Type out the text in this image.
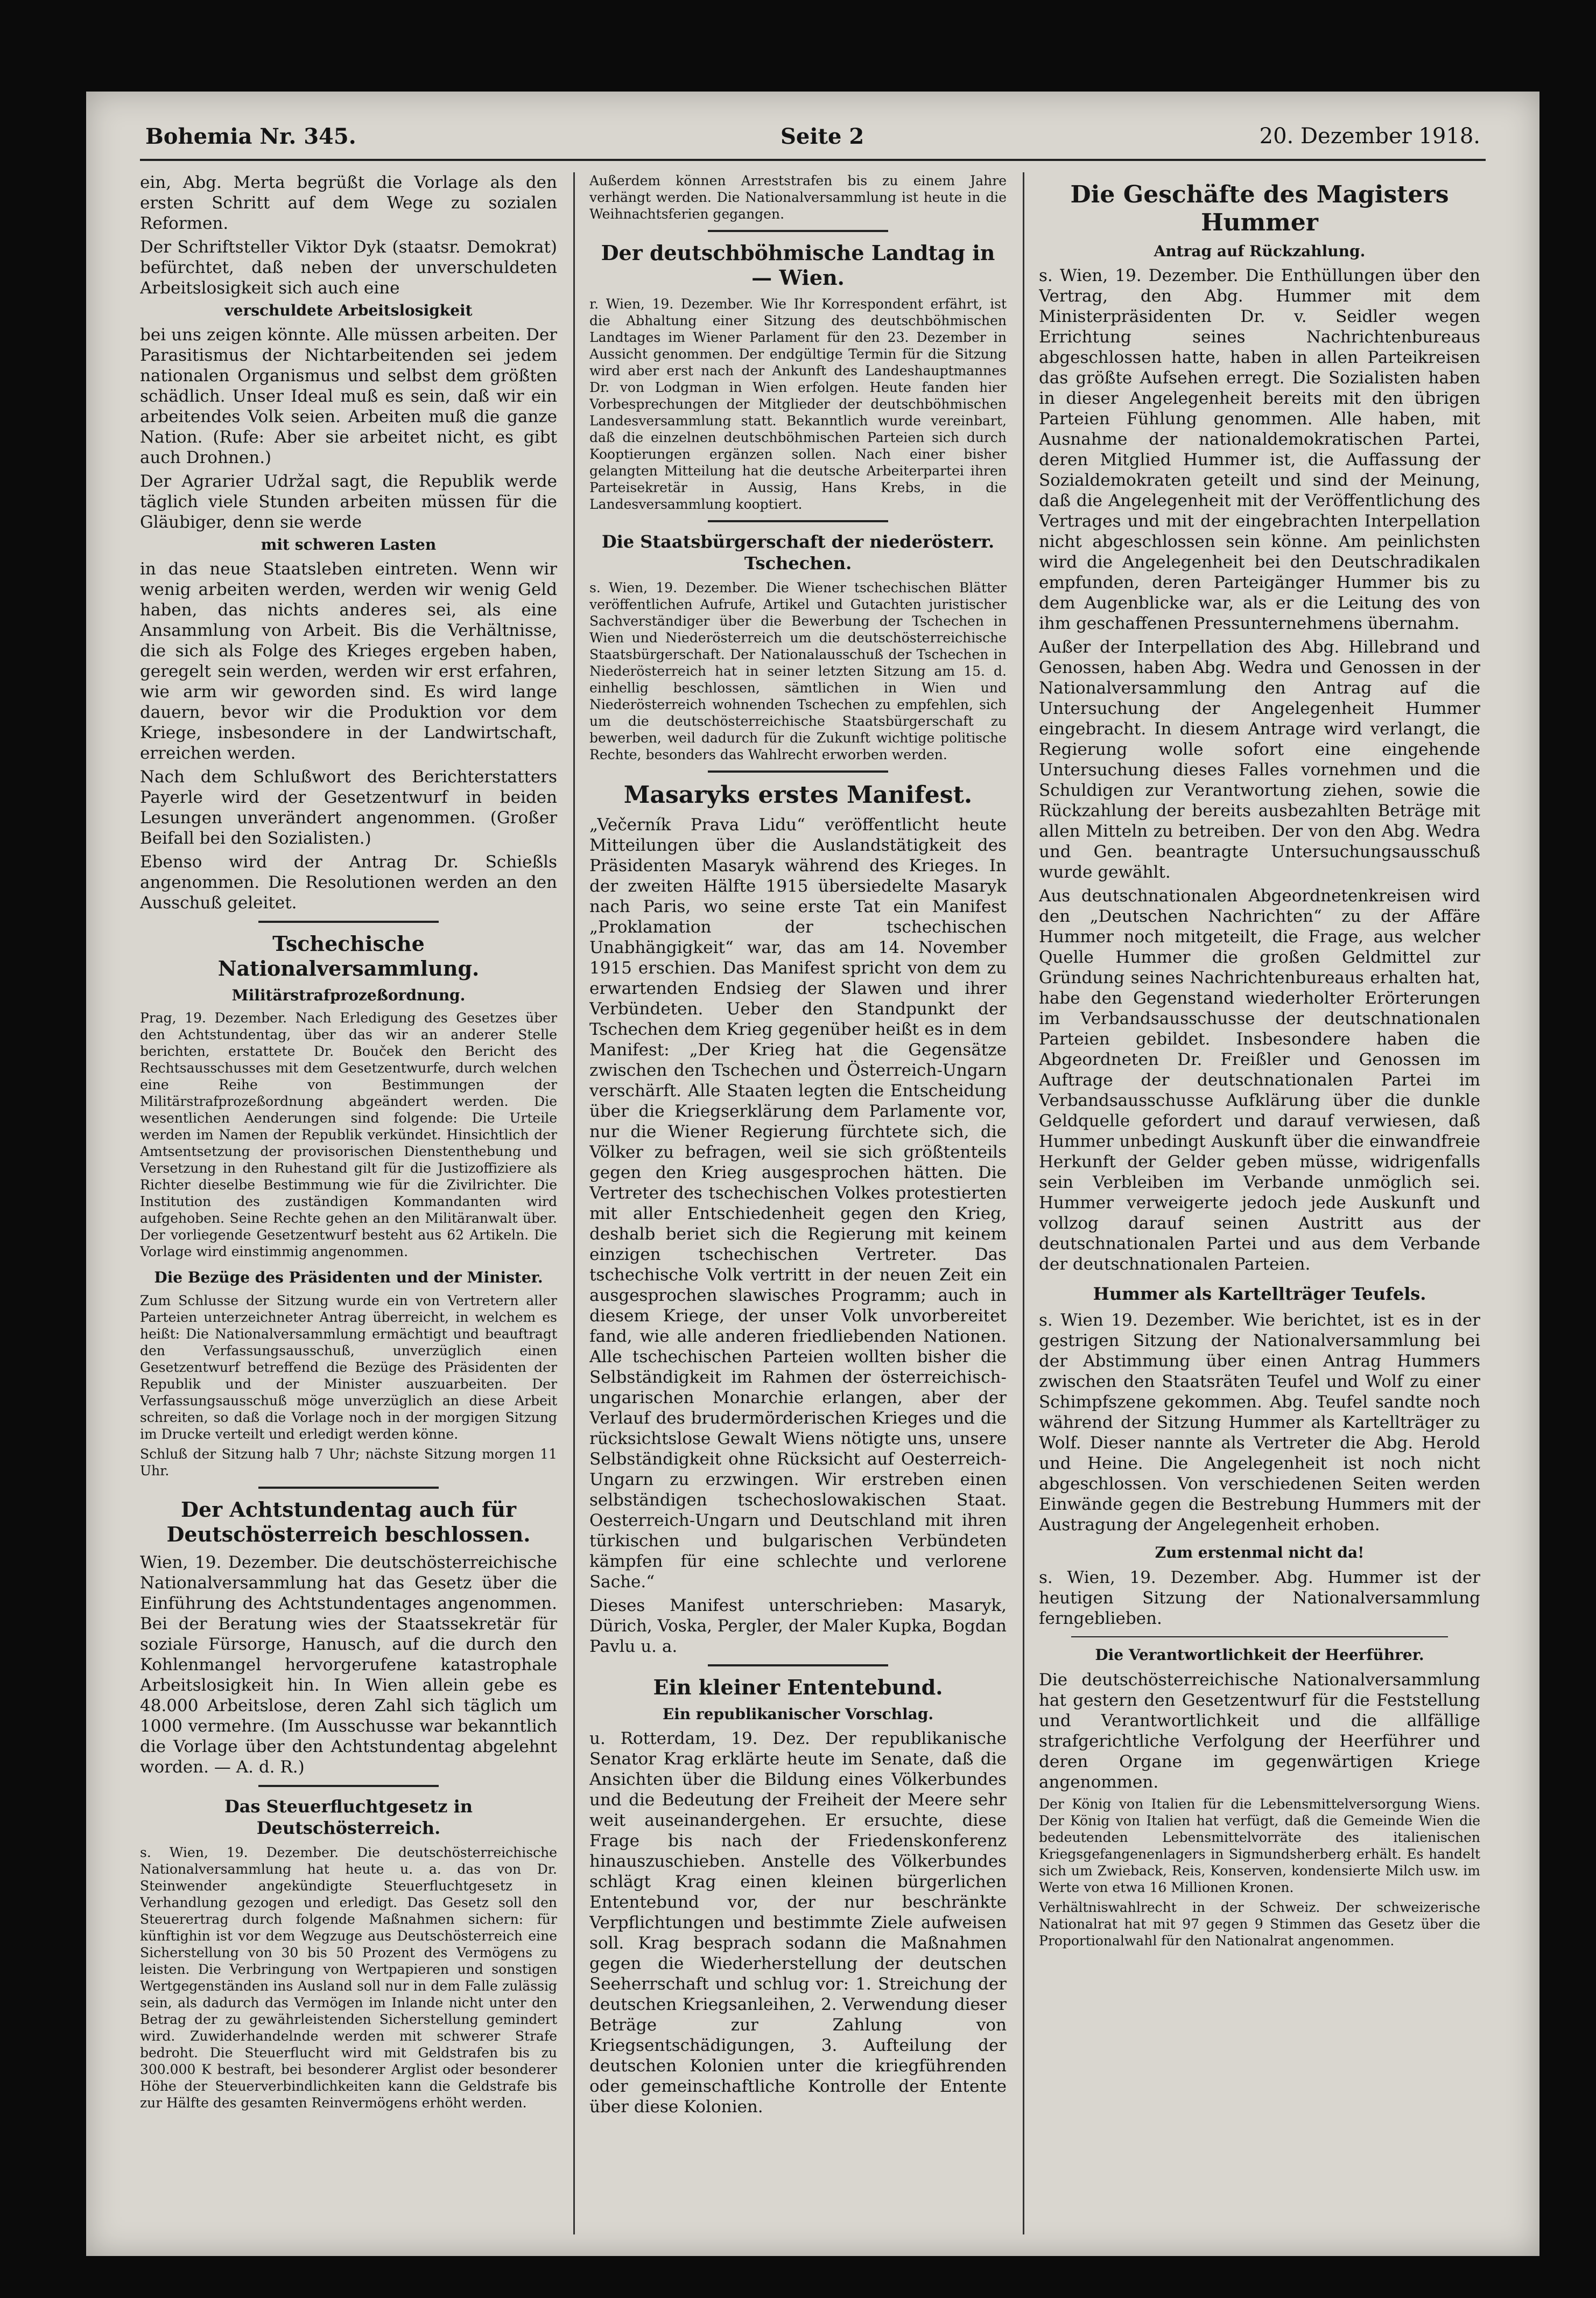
Bohemia Nr. 345.	Seite 2	20. Dezember 1918.

ein, Abg. Merta begrüßt die Vorlage als den ersten Schritt auf dem Wege zu sozialen Reformen.

Der Schriftsteller Viktor Dyk (staatsr. Demokrat) befürchtet, daß neben der unverschuldeten Arbeitslosigkeit sich auch eine

verschuldete Arbeitslosigkeit

bei uns zeigen könnte. Alle müssen arbeiten. Der Parasitismus der Nichtarbeitenden sei jedem nationalen Organismus und selbst dem größten schädlich. Unser Ideal muß es sein, daß wir ein arbeitendes Volk seien. Arbeiten muß die ganze Nation. (Rufe: Aber sie arbeitet nicht, es gibt auch Drohnen.)

Der Agrarier Udržal sagt, die Republik werde täglich viele Stunden arbeiten müssen für die Gläubiger, denn sie werde

mit schweren Lasten

in das neue Staatsleben eintreten. Wenn wir wenig arbeiten werden, werden wir wenig Geld haben, das nichts anderes sei, als eine Ansammlung von Arbeit. Bis die Verhältnisse, die sich als Folge des Krieges ergeben haben, geregelt sein werden, werden wir erst erfahren, wie arm wir geworden sind. Es wird lange dauern, bevor wir die Produktion vor dem Kriege, insbesondere in der Landwirtschaft, erreichen werden.

Nach dem Schlußwort des Berichterstatters Payerle wird der Gesetzentwurf in beiden Lesungen unverändert angenommen. (Großer Beifall bei den Sozialisten.)

Ebenso wird der Antrag Dr. Schießls angenommen. Die Resolutionen werden an den Ausschuß geleitet.

Tschechische Nationalversammlung.
Militärstrafprozeßordnung.

Prag, 19. Dezember. Nach Erledigung des Gesetzes über den Achtstundentag, über das wir an anderer Stelle berichten, erstattete Dr. Bouček den Bericht des Rechtsausschusses mit dem Gesetzentwurfe, durch welchen eine Reihe von Bestimmungen der Militärstrafprozeßordnung abgeändert werden. Die wesentlichen Aenderungen sind folgende: Die Urteile werden im Namen der Republik verkündet. Hinsichtlich der Amtsentsetzung der provisorischen Dienstenthebung und Versetzung in den Ruhestand gilt für die Justizoffiziere als Richter dieselbe Bestimmung wie für die Zivilrichter. Die Institution des zuständigen Kommandanten wird aufgehoben. Seine Rechte gehen an den Militäranwalt über. Der vorliegende Gesetzentwurf besteht aus 62 Artikeln. Die Vorlage wird einstimmig angenommen.

Die Bezüge des Präsidenten und der Minister.

Zum Schlusse der Sitzung wurde ein von Vertretern aller Parteien unterzeichneter Antrag überreicht, in welchem es heißt: Die Nationalversammlung ermächtigt und beauftragt den Verfassungsausschuß, unverzüglich einen Gesetzentwurf betreffend die Bezüge des Präsidenten der Republik und der Minister auszuarbeiten. Der Verfassungsausschuß möge unverzüglich an diese Arbeit schreiten, so daß die Vorlage noch in der morgigen Sitzung im Drucke verteilt und erledigt werden könne.

Schluß der Sitzung halb 7 Uhr; nächste Sitzung morgen 11 Uhr.

Der Achtstundentag auch für Deutschösterreich beschlossen.

Wien, 19. Dezember. Die deutschösterreichische Nationalversammlung hat das Gesetz über die Einführung des Achtstundentages angenommen. Bei der Beratung wies der Staatssekretär für soziale Fürsorge, Hanusch, auf die durch den Kohlenmangel hervorgerufene katastrophale Arbeitslosigkeit hin. In Wien allein gebe es 48.000 Arbeitslose, deren Zahl sich täglich um 1000 vermehre. (Im Ausschusse war bekanntlich die Vorlage über den Achtstundentag abgelehnt worden. — A. d. R.)

Das Steuerfluchtgesetz in Deutschösterreich.

s. Wien, 19. Dezember. Die deutschösterreichische Nationalversammlung hat heute u. a. das von Dr. Steinwender angekündigte Steuerfluchtgesetz in Verhandlung gezogen und erledigt. Das Gesetz soll den Steuerertrag durch folgende Maßnahmen sichern: für künftighin ist vor dem Wegzuge aus Deutschösterreich eine Sicherstellung von 30 bis 50 Prozent des Vermögens zu leisten. Die Verbringung von Wertpapieren und sonstigen Wertgegenständen ins Ausland soll nur in dem Falle zulässig sein, als dadurch das Vermögen im Inlande nicht unter den Betrag der zu gewährleistenden Sicherstellung gemindert wird. Zuwiderhandelnde werden mit schwerer Strafe bedroht. Die Steuerflucht wird mit Geldstrafen bis zu 300.000 K bestraft, bei besonderer Arglist oder besonderer Höhe der Steuerverbindlichkeiten kann die Geldstrafe bis zur Hälfte des gesamten Reinvermögens erhöht werden.

Außerdem können Arreststrafen bis zu einem Jahre verhängt werden. Die Nationalversammlung ist heute in die Weihnachtsferien gegangen.

Der deutschböhmische Landtag in — Wien.

r. Wien, 19. Dezember. Wie Ihr Korrespondent erfährt, ist die Abhaltung einer Sitzung des deutschböhmischen Landtages im Wiener Parlament für den 23. Dezember in Aussicht genommen. Der endgültige Termin für die Sitzung wird aber erst nach der Ankunft des Landeshauptmannes Dr. von Lodgman in Wien erfolgen. Heute fanden hier Vorbesprechungen der Mitglieder der deutschböhmischen Landesversammlung statt. Bekanntlich wurde vereinbart, daß die einzelnen deutschböhmischen Parteien sich durch Kooptierungen ergänzen sollen. Nach einer bisher gelangten Mitteilung hat die deutsche Arbeiterpartei ihren Parteisekretär in Aussig, Hans Krebs, in die Landesversammlung kooptiert.

Die Staatsbürgerschaft der niederösterr. Tschechen.

s. Wien, 19. Dezember. Die Wiener tschechischen Blätter veröffentlichen Aufrufe, Artikel und Gutachten juristischer Sachverständiger über die Bewerbung der Tschechen in Wien und Niederösterreich um die deutschösterreichische Staatsbürgerschaft. Der Nationalausschuß der Tschechen in Niederösterreich hat in seiner letzten Sitzung am 15. d. einhellig beschlossen, sämtlichen in Wien und Niederösterreich wohnenden Tschechen zu empfehlen, sich um die deutschösterreichische Staatsbürgerschaft zu bewerben, weil dadurch für die Zukunft wichtige politische Rechte, besonders das Wahlrecht erworben werden.

Masaryks erstes Manifest.

„Večerník Prava Lidu“ veröffentlicht heute Mitteilungen über die Auslandstätigkeit des Präsidenten Masaryk während des Krieges. In der zweiten Hälfte 1915 übersiedelte Masaryk nach Paris, wo seine erste Tat ein Manifest „Proklamation der tschechischen Unabhängigkeit“ war, das am 14. November 1915 erschien. Das Manifest spricht von dem zu erwartenden Endsieg der Slawen und ihrer Verbündeten. Ueber den Standpunkt der Tschechen dem Krieg gegenüber heißt es in dem Manifest: „Der Krieg hat die Gegensätze zwischen den Tschechen und Österreich-Ungarn verschärft. Alle Staaten legten die Entscheidung über die Kriegserklärung dem Parlamente vor, nur die Wiener Regierung fürchtete sich, die Völker zu befragen, weil sie sich größtenteils gegen den Krieg ausgesprochen hätten. Die Vertreter des tschechischen Volkes protestierten mit aller Entschiedenheit gegen den Krieg, deshalb beriet sich die Regierung mit keinem einzigen tschechischen Vertreter. Das tschechische Volk vertritt in der neuen Zeit ein ausgesprochen slawisches Programm; auch in diesem Kriege, der unser Volk unvorbereitet fand, wie alle anderen friedliebenden Nationen. Alle tschechischen Parteien wollten bisher die Selbständigkeit im Rahmen der österreichisch-ungarischen Monarchie erlangen, aber der Verlauf des brudermörderischen Krieges und die rücksichtslose Gewalt Wiens nötigte uns, unsere Selbständigkeit ohne Rücksicht auf Oesterreich-Ungarn zu erzwingen. Wir erstreben einen selbständigen tschechoslowakischen Staat. Oesterreich-Ungarn und Deutschland mit ihren türkischen und bulgarischen Verbündeten kämpfen für eine schlechte und verlorene Sache.“

Dieses Manifest unterschrieben: Masaryk, Dürich, Voska, Pergler, der Maler Kupka, Bogdan Pavlu u. a.

Ein kleiner Ententebund.
Ein republikanischer Vorschlag.

u. Rotterdam, 19. Dez. Der republikanische Senator Krag erklärte heute im Senate, daß die Ansichten über die Bildung eines Völkerbundes und die Bedeutung der Freiheit der Meere sehr weit auseinandergehen. Er ersuchte, diese Frage bis nach der Friedenskonferenz hinauszuschieben. Anstelle des Völkerbundes schlägt Krag einen kleinen bürgerlichen Ententebund vor, der nur beschränkte Verpflichtungen und bestimmte Ziele aufweisen soll. Krag besprach sodann die Maßnahmen gegen die Wiederherstellung der deutschen Seeherrschaft und schlug vor: 1. Streichung der deutschen Kriegsanleihen, 2. Verwendung dieser Beträge zur Zahlung von Kriegsentschädigungen, 3. Aufteilung der deutschen Kolonien unter die kriegführenden oder gemeinschaftliche Kontrolle der Entente über diese Kolonien.

Die Geschäfte des Magisters Hummer
Antrag auf Rückzahlung.

s. Wien, 19. Dezember. Die Enthüllungen über den Vertrag, den Abg. Hummer mit dem Ministerpräsidenten Dr. v. Seidler wegen Errichtung seines Nachrichtenbureaus abgeschlossen hatte, haben in allen Parteikreisen das größte Aufsehen erregt. Die Sozialisten haben in dieser Angelegenheit bereits mit den übrigen Parteien Fühlung genommen. Alle haben, mit Ausnahme der nationaldemokratischen Partei, deren Mitglied Hummer ist, die Auffassung der Sozialdemokraten geteilt und sind der Meinung, daß die Angelegenheit mit der Veröffentlichung des Vertrages und mit der eingebrachten Interpellation nicht abgeschlossen sein könne. Am peinlichsten wird die Angelegenheit bei den Deutschradikalen empfunden, deren Parteigänger Hummer bis zu dem Augenblicke war, als er die Leitung des von ihm geschaffenen Pressunternehmens übernahm.

Außer der Interpellation des Abg. Hillebrand und Genossen, haben Abg. Wedra und Genossen in der Nationalversammlung den Antrag auf die Untersuchung der Angelegenheit Hummer eingebracht. In diesem Antrage wird verlangt, die Regierung wolle sofort eine eingehende Untersuchung dieses Falles vornehmen und die Schuldigen zur Verantwortung ziehen, sowie die Rückzahlung der bereits ausbezahlten Beträge mit allen Mitteln zu betreiben. Der von den Abg. Wedra und Gen. beantragte Untersuchungsausschuß wurde gewählt.

Aus deutschnationalen Abgeordnetenkreisen wird den „Deutschen Nachrichten“ zu der Affäre Hummer noch mitgeteilt, die Frage, aus welcher Quelle Hummer die großen Geldmittel zur Gründung seines Nachrichtenbureaus erhalten hat, habe den Gegenstand wiederholter Erörterungen im Verbandsausschusse der deutschnationalen Parteien gebildet. Insbesondere haben die Abgeordneten Dr. Freißler und Genossen im Auftrage der deutschnationalen Partei im Verbandsausschusse Aufklärung über die dunkle Geldquelle gefordert und darauf verwiesen, daß Hummer unbedingt Auskunft über die einwandfreie Herkunft der Gelder geben müsse, widrigenfalls sein Verbleiben im Verbande unmöglich sei. Hummer verweigerte jedoch jede Auskunft und vollzog darauf seinen Austritt aus der deutschnationalen Partei und aus dem Verbande der deutschnationalen Parteien.

Hummer als Kartellträger Teufels.

s. Wien 19. Dezember. Wie berichtet, ist es in der gestrigen Sitzung der Nationalversammlung bei der Abstimmung über einen Antrag Hummers zwischen den Staatsräten Teufel und Wolf zu einer Schimpfszene gekommen. Abg. Teufel sandte noch während der Sitzung Hummer als Kartellträger zu Wolf. Dieser nannte als Vertreter die Abg. Herold und Heine. Die Angelegenheit ist noch nicht abgeschlossen. Von verschiedenen Seiten werden Einwände gegen die Bestrebung Hummers mit der Austragung der Angelegenheit erhoben.

Zum erstenmal nicht da!

s. Wien, 19. Dezember. Abg. Hummer ist der heutigen Sitzung der Nationalversammlung ferngeblieben.

Die Verantwortlichkeit der Heerführer.

Die deutschösterreichische Nationalversammlung hat gestern den Gesetzentwurf für die Feststellung und Verantwortlichkeit und die allfällige strafgerichtliche Verfolgung der Heerführer und deren Organe im gegenwärtigen Kriege angenommen.

Der König von Italien für die Lebensmittelversorgung Wiens. Der König von Italien hat verfügt, daß die Gemeinde Wien die bedeutenden Lebensmittelvorräte des italienischen Kriegsgefangenenlagers in Sigmundsherberg erhält. Es handelt sich um Zwieback, Reis, Konserven, kondensierte Milch usw. im Werte von etwa 16 Millionen Kronen.

Verhältniswahlrecht in der Schweiz. Der schweizerische Nationalrat hat mit 97 gegen 9 Stimmen das Gesetz über die Proportionalwahl für den Nationalrat angenommen.
